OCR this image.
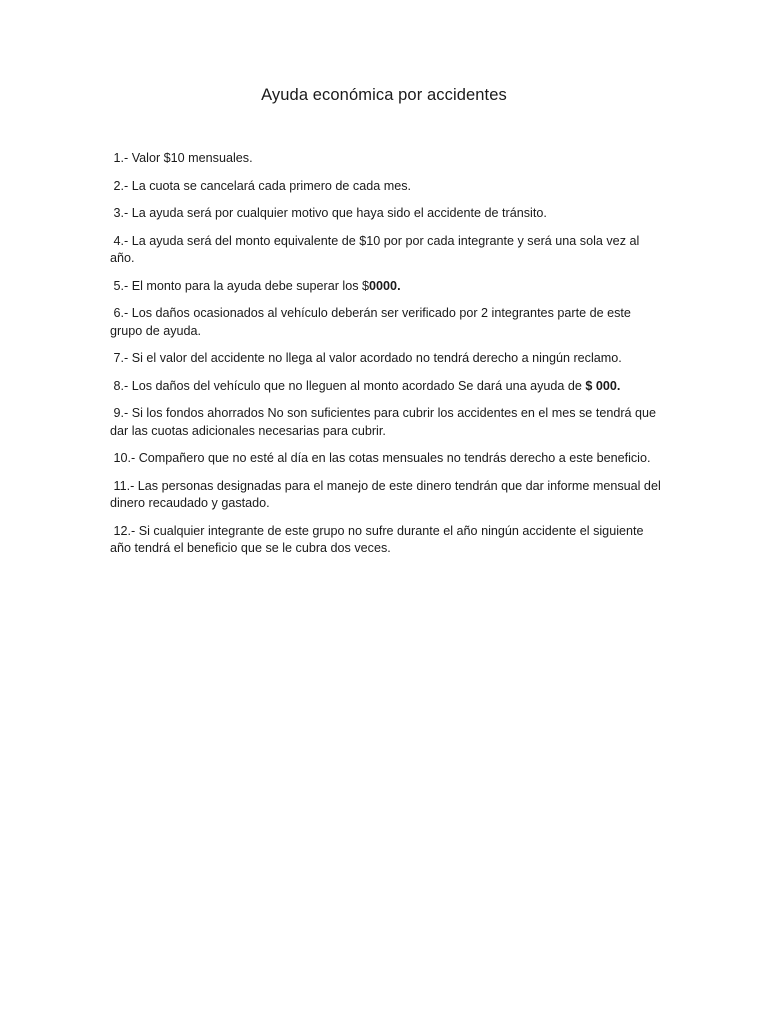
Ayuda económica por accidentes
1.- Valor $10 mensuales.
2.- La cuota se cancelará cada primero de cada mes.
3.- La ayuda será por cualquier motivo que haya sido el accidente de tránsito.
4.- La ayuda será del monto equivalente de $10 por por cada integrante y será una sola vez al año.
5.- El monto para la ayuda debe superar los $0000.
6.- Los daños ocasionados al vehículo deberán ser verificado por 2 integrantes parte de este grupo de ayuda.
7.- Si el valor del accidente no llega al valor acordado no tendrá derecho a ningún reclamo.
8.- Los daños del vehículo que no lleguen al monto acordado Se dará una ayuda de $ 000.
9.- Si los fondos ahorrados No son suficientes para cubrir los accidentes en el mes se tendrá que dar las cuotas adicionales necesarias para cubrir.
10.- Compañero que no esté al día en las cotas mensuales no tendrás derecho a este beneficio.
11.- Las personas designadas para el manejo de este dinero tendrán que dar informe mensual del dinero recaudado y gastado.
12.- Si cualquier integrante de este grupo no sufre durante el año ningún accidente el siguiente año tendrá el beneficio que se le cubra dos veces.
